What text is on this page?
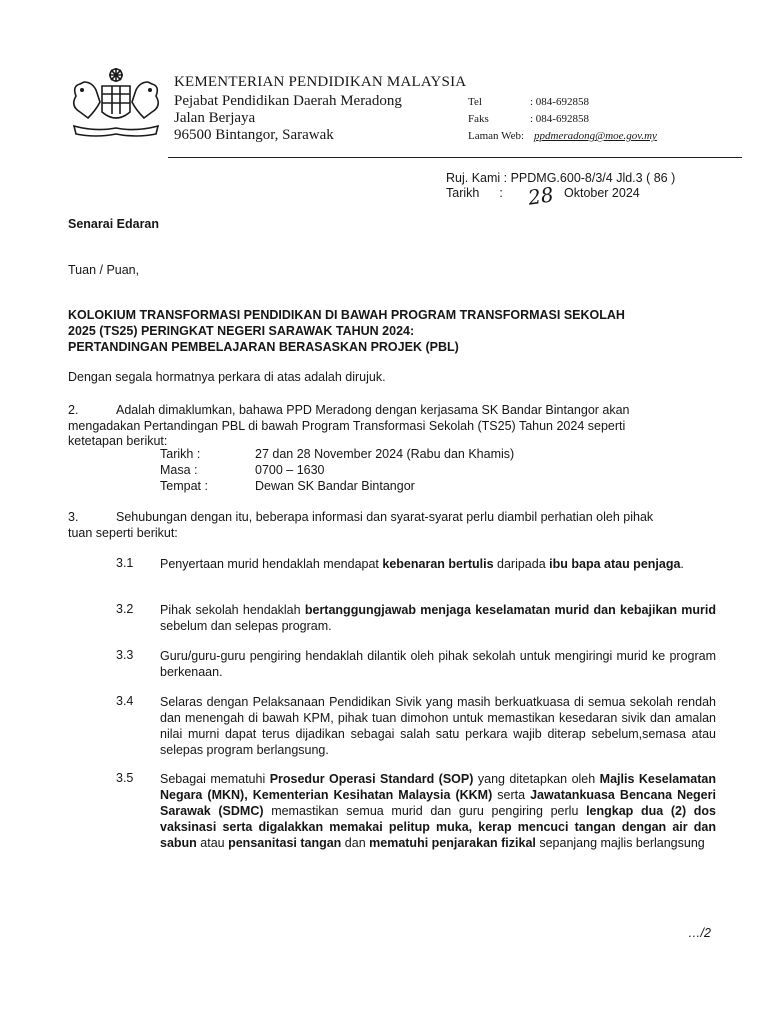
KEMENTERIAN PENDIDIKAN MALAYSIA
Pejabat Pendidikan Daerah Meradong
Jalan Berjaya
96500 Bintangor, Sarawak
Tel	: 084-692858
Faks	: 084-692858
Laman Web: ppdmeradong@moe.gov.my
Ruj. Kami : PPDMG.600-8/3/4 Jld.3 ( 86 )
Tarikh : 28 Oktober 2024
Senarai Edaran
Tuan / Puan,
KOLOKIUM TRANSFORMASI PENDIDIKAN DI BAWAH PROGRAM TRANSFORMASI SEKOLAH
2025 (TS25) PERINGKAT NEGERI SARAWAK TAHUN 2024:
PERTANDINGAN PEMBELAJARAN BERASASKAN PROJEK (PBL)
Dengan segala hormatnya perkara di atas adalah dirujuk.
2.	Adalah dimaklumkan, bahawa PPD Meradong dengan kerjasama SK Bandar Bintangor akan
mengadakan Pertandingan PBL di bawah Program Transformasi Sekolah (TS25) Tahun 2024 seperti
ketetapan berikut:
Tarikh :	27 dan 28 November 2024 (Rabu dan Khamis)
Masa :	0700 – 1630
Tempat :	Dewan SK Bandar Bintangor
3.	Sehubungan dengan itu, beberapa informasi dan syarat-syarat perlu diambil perhatian oleh pihak
tuan seperti berikut:
3.1 Penyertaan murid hendaklah mendapat kebenaran bertulis daripada ibu bapa atau penjaga.
3.2 Pihak sekolah hendaklah bertanggungjawab menjaga keselamatan murid dan kebajikan murid sebelum dan selepas program.
3.3 Guru/guru-guru pengiring hendaklah dilantik oleh pihak sekolah untuk mengiringi murid ke program berkenaan.
3.4 Selaras dengan Pelaksanaan Pendidikan Sivik yang masih berkuatkuasa di semua sekolah rendah dan menengah di bawah KPM, pihak tuan dimohon untuk memastikan kesedaran sivik dan amalan nilai murni dapat terus dijadikan sebagai salah satu perkara wajib diterap sebelum,semasa atau selepas program berlangsung.
3.5 Sebagai mematuhi Prosedur Operasi Standard (SOP) yang ditetapkan oleh Majlis Keselamatan Negara (MKN), Kementerian Kesihatan Malaysia (KKM) serta Jawatankuasa Bencana Negeri Sarawak (SDMC) memastikan semua murid dan guru pengiring perlu lengkap dua (2) dos vaksinasi serta digalakkan memakai pelitup muka, kerap mencuci tangan dengan air dan sabun atau pensanitasi tangan dan mematuhi penjarakan fizikal sepanjang majlis berlangsung
…/2
